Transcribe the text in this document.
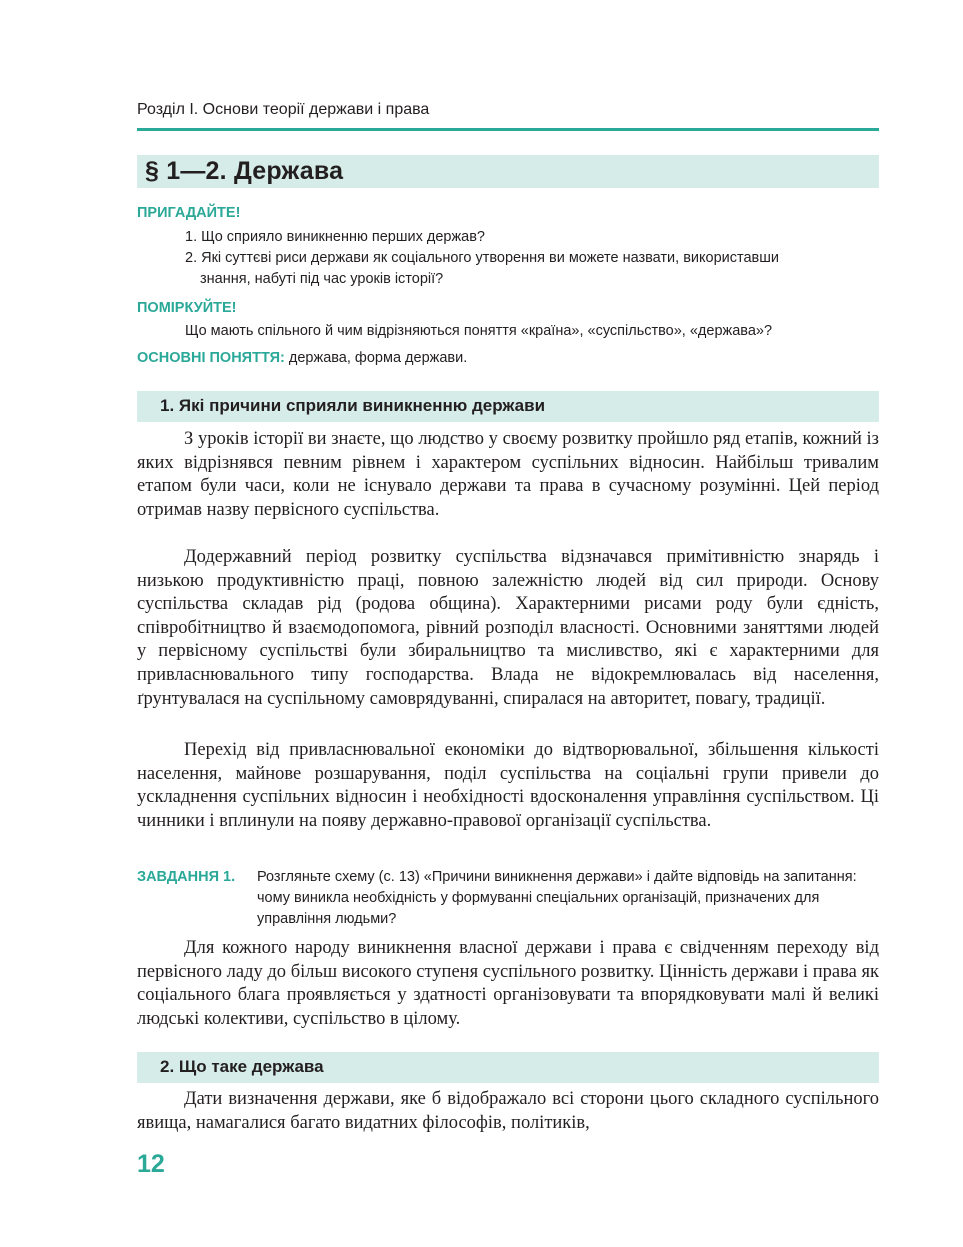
Розділ І. Основи теорії держави і права
§ 1—2. Держава
ПРИГАДАЙТЕ!
1. Що сприяло виникненню перших держав?
2. Які суттєві риси держави як соціального утворення ви можете назвати, використавши
знання, набуті під час уроків історії?
ПОМІРКУЙТЕ!
Що мають спільного й чим відрізняються поняття «країна», «суспільство», «держава»?
ОСНОВНІ ПОНЯТТЯ: держава, форма держави.
1. Які причини сприяли виникненню держави

З уроків історії ви знаєте, що людство у своєму розвитку пройшло ряд етапів, кожний із яких відрізнявся певним рівнем і характером суспільних відносин. Найбільш тривалим етапом були часи, коли не існувало держави та права в сучасному розумінні. Цей період отримав назву первісного суспільства.

Додержавний період розвитку суспільства відзначався примітивністю знарядь і низькою продуктивністю праці, повною залежністю людей від сил природи. Основу суспільства складав рід (родова община). Характерними рисами роду були єдність, співробітництво й взаємодопомога, рівний розподіл власності. Основними заняттями людей у первісному суспільстві були збиральництво та мисливство, які є характерними для привласнювального типу господарства. Влада не відокремлювалась від населення, ґрунтувалася на суспільному самоврядуванні, спиралася на авторитет, повагу, традиції.

Перехід від привласнювальної економіки до відтворювальної, збільшення кількості населення, майнове розшарування, поділ суспільства на соціальні групи привели до ускладнення суспільних відносин і необхідності вдосконалення управління суспільством. Ці чинники і вплинули на появу державно-правової організації суспільства.

ЗАВДАННЯ 1. Розгляньте схему (с. 13) «Причини виникнення держави» і дайте відповідь на запитання: чому виникла необхідність у формуванні спеціальних організацій, призначених для управління людьми?

Для кожного народу виникнення власної держави і права є свідченням переходу від первісного ладу до більш високого ступеня суспільного розвитку. Цінність держави і права як соціального блага проявляється у здатності організовувати та впорядковувати малі й великі людські колективи, суспільство в цілому.

2. Що таке держава

Дати визначення держави, яке б відображало всі сторони цього складного суспільного явища, намагалися багато видатних філософів, політиків,

12
